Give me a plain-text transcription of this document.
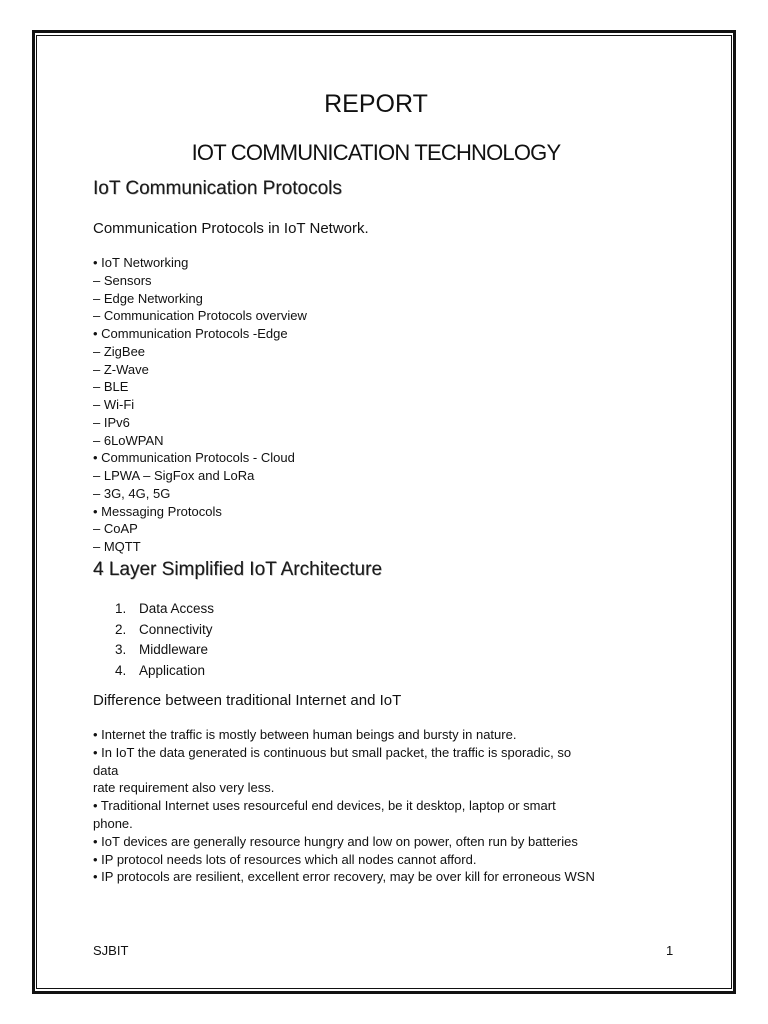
REPORT
IOT COMMUNICATION TECHNOLOGY
IoT Communication Protocols
Communication Protocols in IoT Network.
• IoT Networking
– Sensors
– Edge Networking
– Communication Protocols overview
• Communication Protocols -Edge
– ZigBee
– Z-Wave
– BLE
– Wi-Fi
– IPv6
– 6LoWPAN
• Communication Protocols - Cloud
– LPWA – SigFox and LoRa
– 3G, 4G, 5G
• Messaging Protocols
– CoAP
– MQTT
4 Layer Simplified IoT Architecture
1. Data Access
2. Connectivity
3. Middleware
4. Application
Difference between traditional Internet and IoT
• Internet the traffic is mostly between human beings and bursty in nature.
• In IoT the data generated is continuous but small packet, the traffic is sporadic, so
data
rate requirement also very less.
• Traditional Internet uses resourceful end devices, be it desktop, laptop or smart
phone.
• IoT devices are generally resource hungry and low on power, often run by batteries
• IP protocol needs lots of resources which all nodes cannot afford.
• IP protocols are resilient, excellent error recovery, may be over kill for erroneous WSN
SJBIT	1
